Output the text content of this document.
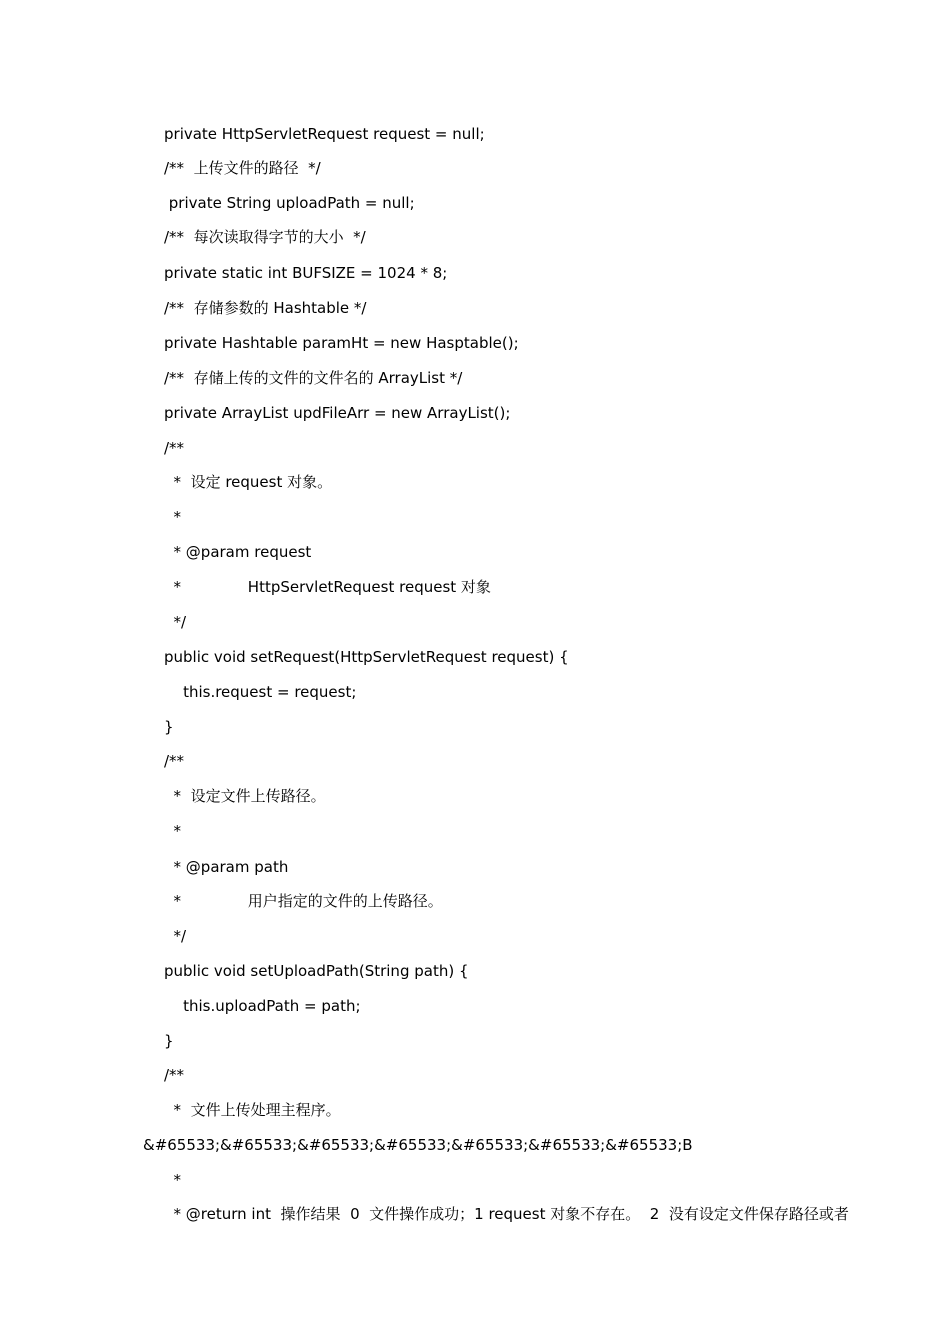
private HttpServletRequest request = null;
/**  上传文件的路径  */
private String uploadPath = null;
/**  每次读取得字节的大小  */
private static int BUFSIZE = 1024 * 8;
/**  存储参数的 Hashtable */
private Hashtable paramHt = new Hasptable();
/**  存储上传的文件的文件名的 ArrayList */
private ArrayList updFileArr = new ArrayList();
/**
*  设定 request 对象。
*
* @param request
*              HttpServletRequest request 对象
*/
public void setRequest(HttpServletRequest request) {
this.request = request;
}
/**
*  设定文件上传路径。
*
* @param path
*              用户指定的文件的上传路径。
*/
public void setUploadPath(String path) {
this.uploadPath = path;
}
/**
*  文件上传处理主程序。
&#65533;&#65533;&#65533;&#65533;&#65533;&#65533;&#65533;B
*
* @return int  操作结果  0  文件操作成功；1 request 对象不存在。  2  没有设定文件保存路径或者
